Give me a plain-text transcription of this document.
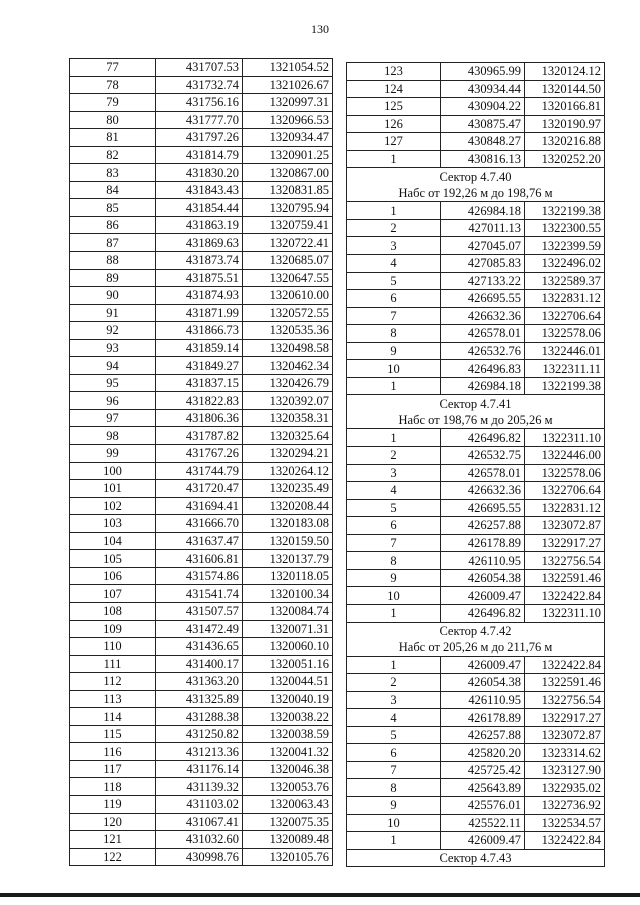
130
77	431707.53	1321054.52
78	431732.74	1321026.67
79	431756.16	1320997.31
80	431777.70	1320966.53
81	431797.26	1320934.47
82	431814.79	1320901.25
83	431830.20	1320867.00
84	431843.43	1320831.85
85	431854.44	1320795.94
86	431863.19	1320759.41
87	431869.63	1320722.41
88	431873.74	1320685.07
89	431875.51	1320647.55
90	431874.93	1320610.00
91	431871.99	1320572.55
92	431866.73	1320535.36
93	431859.14	1320498.58
94	431849.27	1320462.34
95	431837.15	1320426.79
96	431822.83	1320392.07
97	431806.36	1320358.31
98	431787.82	1320325.64
99	431767.26	1320294.21
100	431744.79	1320264.12
101	431720.47	1320235.49
102	431694.41	1320208.44
103	431666.70	1320183.08
104	431637.47	1320159.50
105	431606.81	1320137.79
106	431574.86	1320118.05
107	431541.74	1320100.34
108	431507.57	1320084.74
109	431472.49	1320071.31
110	431436.65	1320060.10
111	431400.17	1320051.16
112	431363.20	1320044.51
113	431325.89	1320040.19
114	431288.38	1320038.22
115	431250.82	1320038.59
116	431213.36	1320041.32
117	431176.14	1320046.38
118	431139.32	1320053.76
119	431103.02	1320063.43
120	431067.41	1320075.35
121	431032.60	1320089.48
122	430998.76	1320105.76
123	430965.99	1320124.12
124	430934.44	1320144.50
125	430904.22	1320166.81
126	430875.47	1320190.97
127	430848.27	1320216.88
1	430816.13	1320252.20
Сектор 4.7.40		
Набс от 192,26 м до 198,76 м		
1	426984.18	1322199.38
2	427011.13	1322300.55
3	427045.07	1322399.59
4	427085.83	1322496.02
5	427133.22	1322589.37
6	426695.55	1322831.12
7	426632.36	1322706.64
8	426578.01	1322578.06
9	426532.76	1322446.01
10	426496.83	1322311.11
1	426984.18	1322199.38
Сектор 4.7.41		
Набс от 198,76 м до 205,26 м		
1	426496.82	1322311.10
2	426532.75	1322446.00
3	426578.01	1322578.06
4	426632.36	1322706.64
5	426695.55	1322831.12
6	426257.88	1323072.87
7	426178.89	1322917.27
8	426110.95	1322756.54
9	426054.38	1322591.46
10	426009.47	1322422.84
1	426496.82	1322311.10
Сектор 4.7.42		
Набс от 205,26 м до 211,76 м		
1	426009.47	1322422.84
2	426054.38	1322591.46
3	426110.95	1322756.54
4	426178.89	1322917.27
5	426257.88	1323072.87
6	425820.20	1323314.62
7	425725.42	1323127.90
8	425643.89	1322935.02
9	425576.01	1322736.92
10	425522.11	1322534.57
1	426009.47	1322422.84
Сектор 4.7.43		
